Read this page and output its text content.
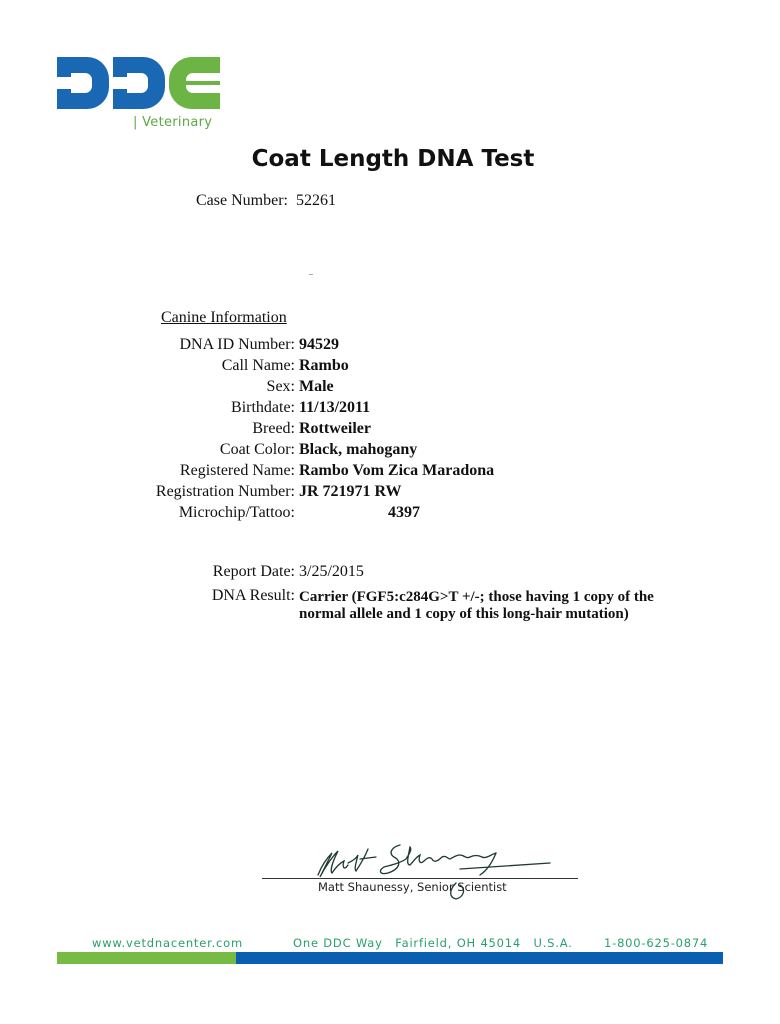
| Veterinary
Coat Length DNA Test
Case Number: 52261
Canine Information
DNA ID Number: 94529
Call Name: Rambo
Sex: Male
Birthdate: 11/13/2011
Breed: Rottweiler
Coat Color: Black, mahogany
Registered Name: Rambo Vom Zica Maradona
Registration Number: JR 721971 RW
Microchip/Tattoo:	4397
Report Date: 3/25/2015
DNA Result: Carrier (FGF5:c284G>T +/-; those having 1 copy of the
normal allele and 1 copy of this long-hair mutation)
Matt Shaunessy, Senior Scientist
www.vetdnacenter.com	One DDC Way Fairfield, OH 45014 U.S.A.	1-800-625-0874
